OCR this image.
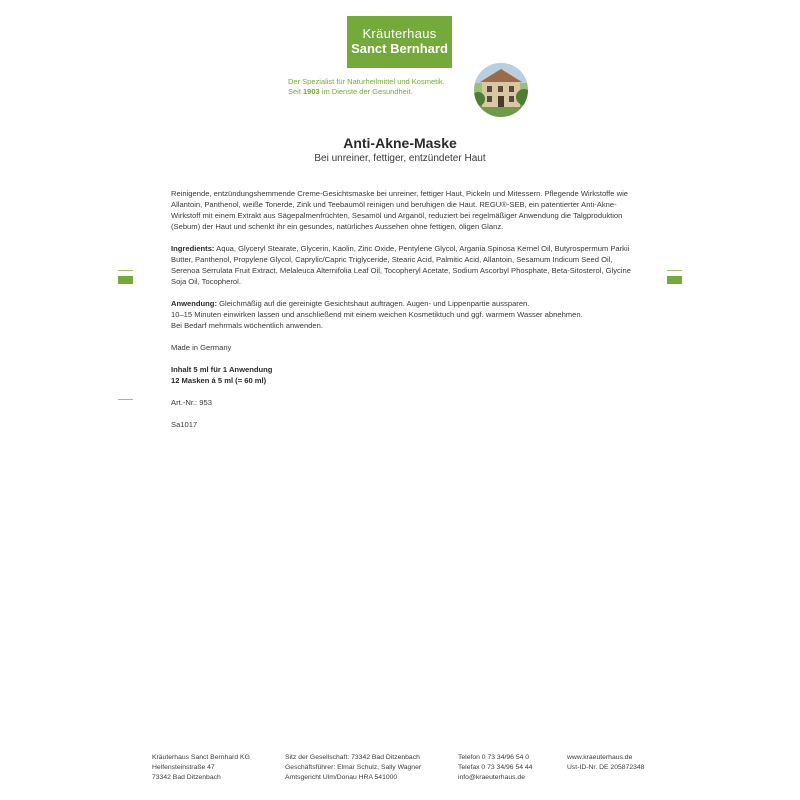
Kräuterhaus
Sanct Bernhard
Der Spezialist für Naturheilmittel und Kosmetik.
Seit 1903 im Dienste der Gesundheit.
Anti-Akne-Maske
Bei unreiner, fettiger, entzündeter Haut

Reinigende, entzündungshemmende Creme-Gesichtsmaske bei unreiner, fettiger Haut, Pickeln und Mitessern. Pflegende Wirkstoffe wie Allantoin, Panthenol, weiße Tonerde, Zink und Teebaumöl reinigen und beruhigen die Haut. REGU®-SEB, ein patentierter Anti-Akne-Wirkstoff mit einem Extrakt aus Sägepalmenfrüchten, Sesamöl und Arganöl, reduziert bei regelmäßiger Anwendung die Talgproduktion (Sebum) der Haut und schenkt ihr ein gesundes, natürliches Aussehen ohne fettigen, öligen Glanz.

Ingredients: Aqua, Glyceryl Stearate, Glycerin, Kaolin, Zinc Oxide, Pentylene Glycol, Argania Spinosa Kernel Oil, Butyrospermum Parkii Butter, Panthenol, Propylene Glycol, Caprylic/Capric Triglyceride, Stearic Acid, Palmitic Acid, Allantoin, Sesamum Indicum Seed Oil, Serenoa Serrulata Fruit Extract, Melaleuca Alternifolia Leaf Oil, Tocopheryl Acetate, Sodium Ascorbyl Phosphate, Beta-Sitosterol, Glycine Soja Oil, Tocopherol.

Anwendung: Gleichmäßig auf die gereinigte Gesichtshaut auftragen. Augen- und Lippenpartie aussparen.
10–15 Minuten einwirken lassen und anschließend mit einem weichen Kosmetiktuch und ggf. warmem Wasser abnehmen.
Bei Bedarf mehrmals wöchentlich anwenden.

Made in Germany

Inhalt 5 ml für 1 Anwendung
12 Masken á 5 ml (= 60 ml)

Art.-Nr.: 953

Sa1017

Kräuterhaus Sanct Bernhard KG
Helfensteinstraße 47
73342 Bad Ditzenbach
Sitz der Gesellschaft: 73342 Bad Ditzenbach
Geschäftsführer: Elmar Schulz, Sally Wagner
Amtsgericht Ulm/Donau HRA 541000
Telefon 0 73 34/96 54 0
Telefax 0 73 34/96 54 44
info@kraeuterhaus.de
www.kraeuterhaus.de
Ust-ID-Nr. DE 205872348
